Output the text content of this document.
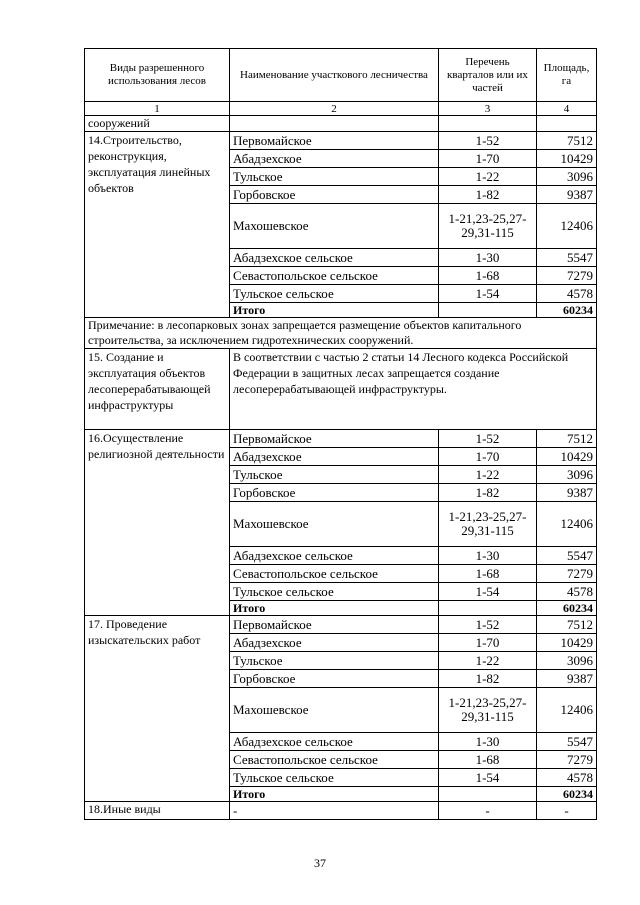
Виды разрешенного использования лесов	Наименование участкового лесничества	Перечень кварталов или их частей	Площадь, га
1	2	3	4
сооружений			
14.Строительство, реконструкция, эксплуатация линейных объектов	Первомайское	1-52	7512
	Абадзехское	1-70	10429
	Тульское	1-22	3096
	Горбовское	1-82	9387
	Махошевское	1-21,23-25,27-29,31-115	12406
	Абадзехское сельское	1-30	5547
	Севастопольское сельское	1-68	7279
	Тульское сельское	1-54	4578
	Итого		60234
Примечание: в лесопарковых зонах запрещается размещение объектов капитального строительства, за исключением гидротехнических сооружений.			
15. Создание и эксплуатация объектов лесоперерабатывающей инфраструктуры	В соответствии с частью 2 статьи 14 Лесного кодекса Российской Федерации в защитных лесах запрещается создание лесоперерабатывающей инфраструктуры.		
16.Осуществление религиозной деятельности	Первомайское	1-52	7512
	Абадзехское	1-70	10429
	Тульское	1-22	3096
	Горбовское	1-82	9387
	Махошевское	1-21,23-25,27-29,31-115	12406
	Абадзехское сельское	1-30	5547
	Севастопольское сельское	1-68	7279
	Тульское сельское	1-54	4578
	Итого		60234
17. Проведение изыскательских работ	Первомайское	1-52	7512
	Абадзехское	1-70	10429
	Тульское	1-22	3096
	Горбовское	1-82	9387
	Махошевское	1-21,23-25,27-29,31-115	12406
	Абадзехское сельское	1-30	5547
	Севастопольское сельское	1-68	7279
	Тульское сельское	1-54	4578
	Итого		60234
18.Иные виды	-	-	-
37
